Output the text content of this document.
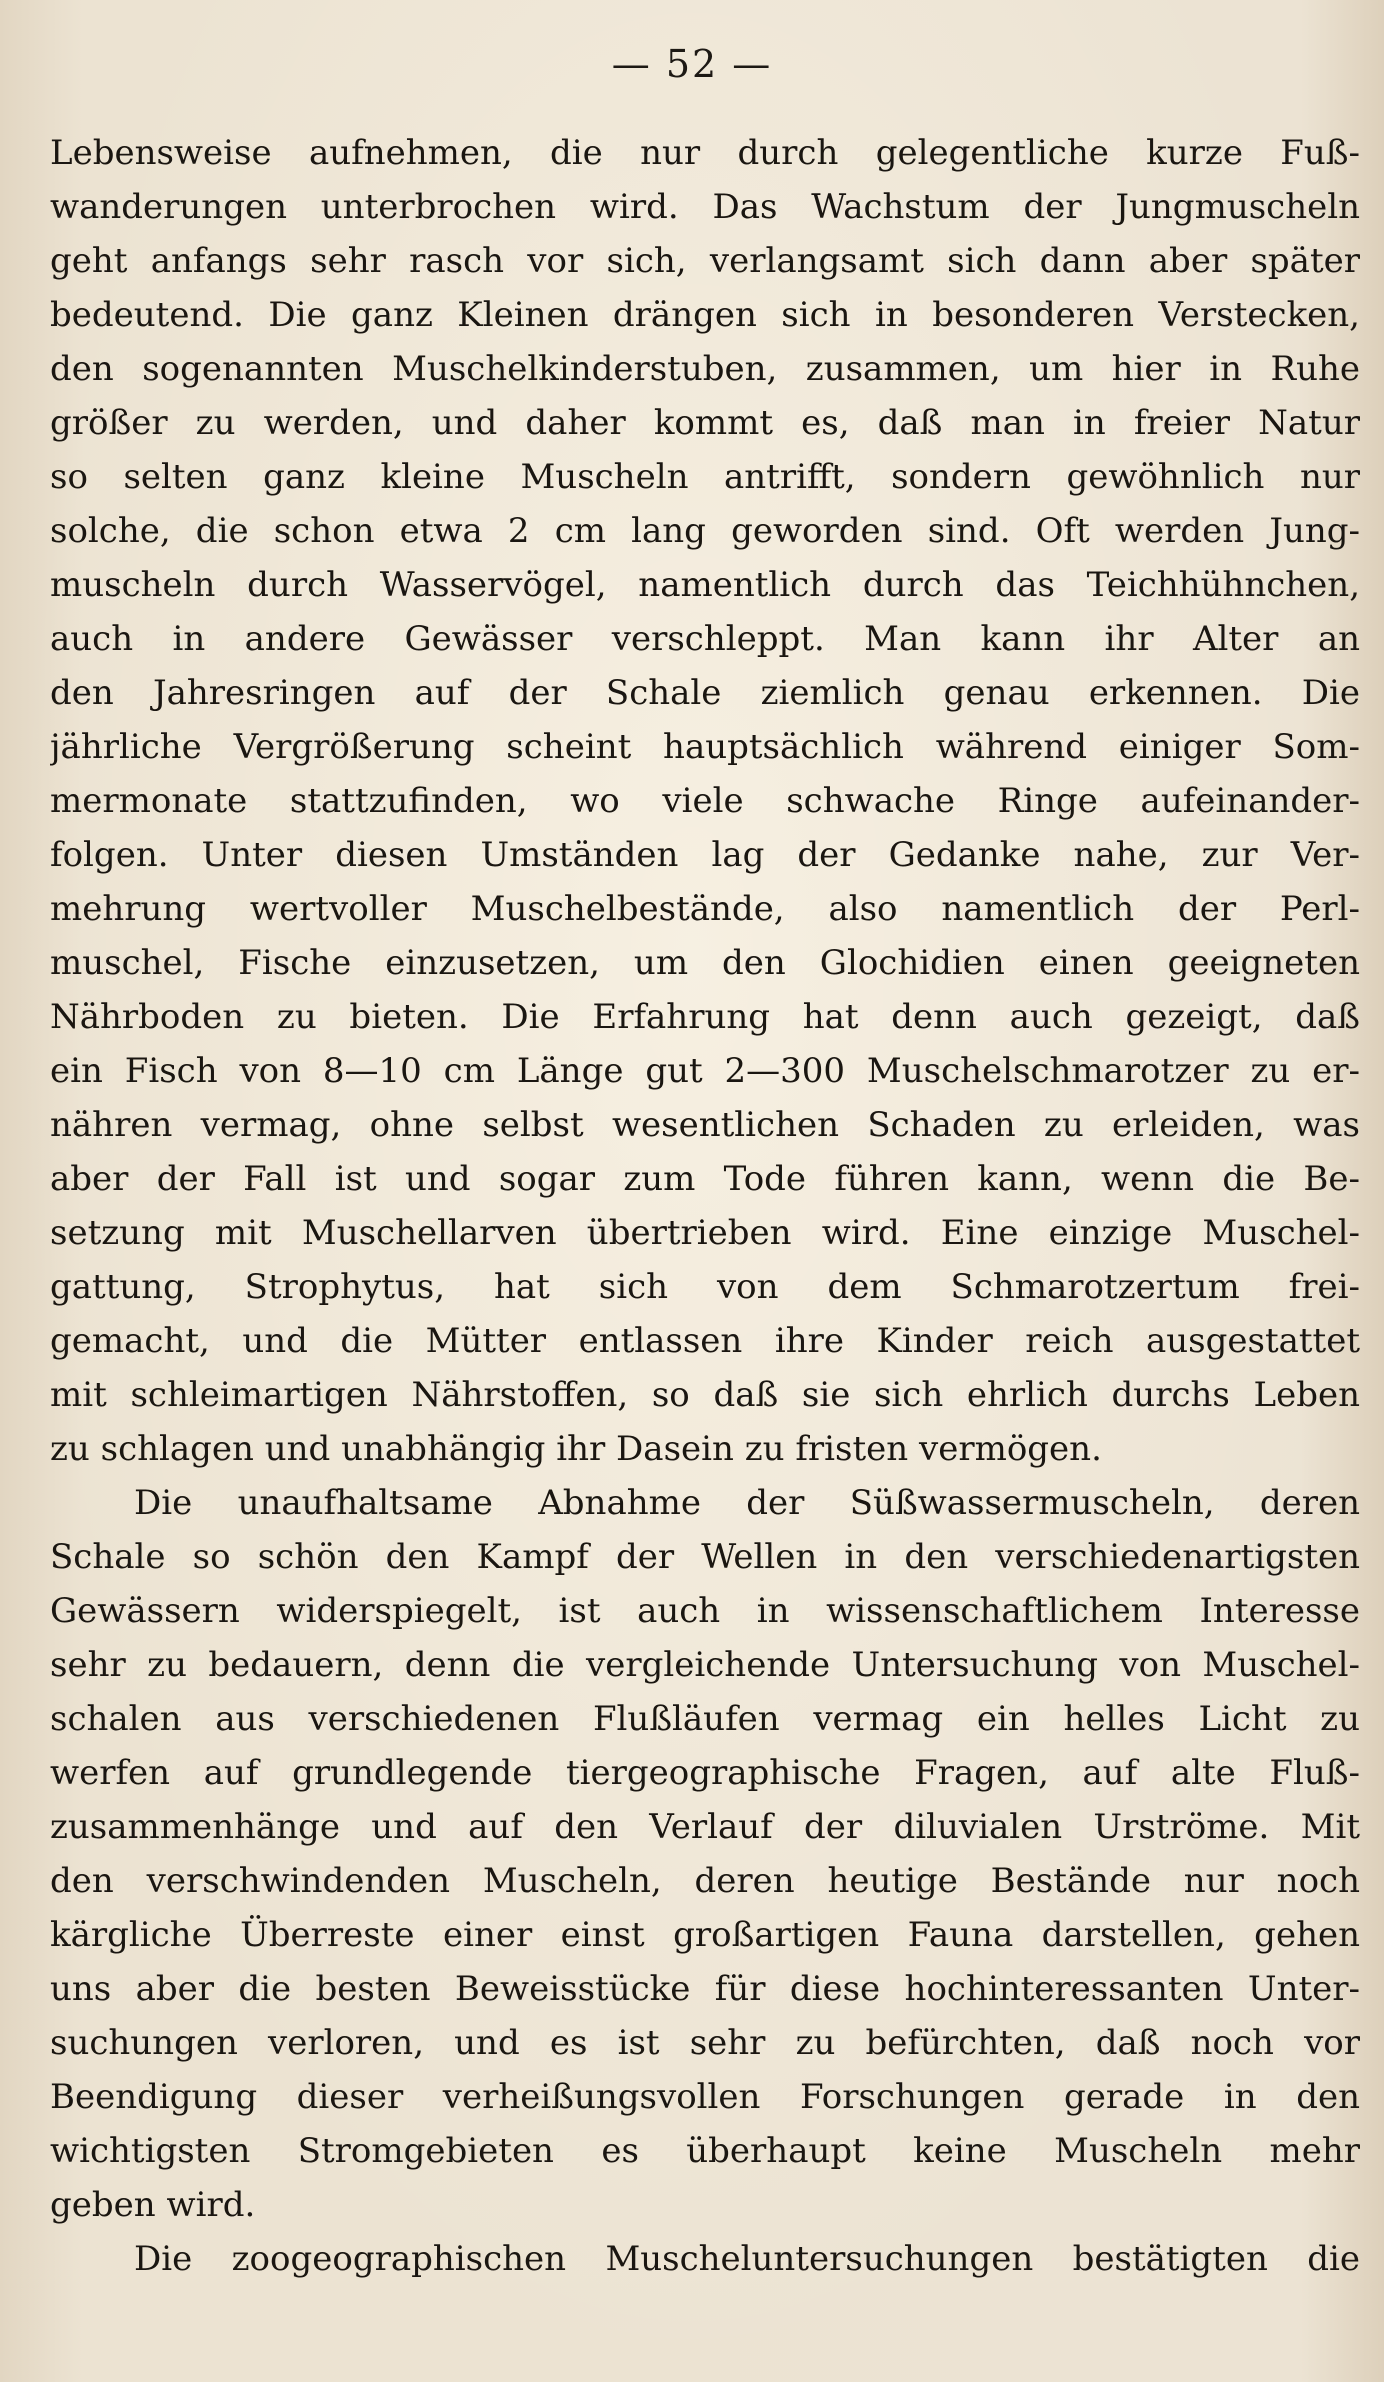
— 52 —
Lebensweise aufnehmen, die nur durch gelegentliche kurze Fuß-
wanderungen unterbrochen wird. Das Wachstum der Jungmuscheln
geht anfangs sehr rasch vor sich, verlangsamt sich dann aber später
bedeutend. Die ganz Kleinen drängen sich in besonderen Verstecken,
den sogenannten Muschelkinderstuben, zusammen, um hier in Ruhe
größer zu werden, und daher kommt es, daß man in freier Natur
so selten ganz kleine Muscheln antrifft, sondern gewöhnlich nur
solche, die schon etwa 2 cm lang geworden sind. Oft werden Jung-
muscheln durch Wasservögel, namentlich durch das Teichhühnchen,
auch in andere Gewässer verschleppt. Man kann ihr Alter an
den Jahresringen auf der Schale ziemlich genau erkennen. Die
jährliche Vergrößerung scheint hauptsächlich während einiger Som-
mermonate stattzufinden, wo viele schwache Ringe aufeinander-
folgen. Unter diesen Umständen lag der Gedanke nahe, zur Ver-
mehrung wertvoller Muschelbestände, also namentlich der Perl-
muschel, Fische einzusetzen, um den Glochidien einen geeigneten
Nährboden zu bieten. Die Erfahrung hat denn auch gezeigt, daß
ein Fisch von 8—10 cm Länge gut 2—300 Muschelschmarotzer zu er-
nähren vermag, ohne selbst wesentlichen Schaden zu erleiden, was
aber der Fall ist und sogar zum Tode führen kann, wenn die Be-
setzung mit Muschellarven übertrieben wird. Eine einzige Muschel-
gattung, Strophytus, hat sich von dem Schmarotzertum frei-
gemacht, und die Mütter entlassen ihre Kinder reich ausgestattet
mit schleimartigen Nährstoffen, so daß sie sich ehrlich durchs Leben
zu schlagen und unabhängig ihr Dasein zu fristen vermögen.
Die unaufhaltsame Abnahme der Süßwassermuscheln, deren
Schale so schön den Kampf der Wellen in den verschiedenartigsten
Gewässern widerspiegelt, ist auch in wissenschaftlichem Interesse
sehr zu bedauern, denn die vergleichende Untersuchung von Muschel-
schalen aus verschiedenen Flußläufen vermag ein helles Licht zu
werfen auf grundlegende tiergeographische Fragen, auf alte Fluß-
zusammenhänge und auf den Verlauf der diluvialen Urströme. Mit
den verschwindenden Muscheln, deren heutige Bestände nur noch
kärgliche Überreste einer einst großartigen Fauna darstellen, gehen
uns aber die besten Beweisstücke für diese hochinteressanten Unter-
suchungen verloren, und es ist sehr zu befürchten, daß noch vor
Beendigung dieser verheißungsvollen Forschungen gerade in den
wichtigsten Stromgebieten es überhaupt keine Muscheln mehr
geben wird.
Die zoogeographischen Muscheluntersuchungen bestätigten die
